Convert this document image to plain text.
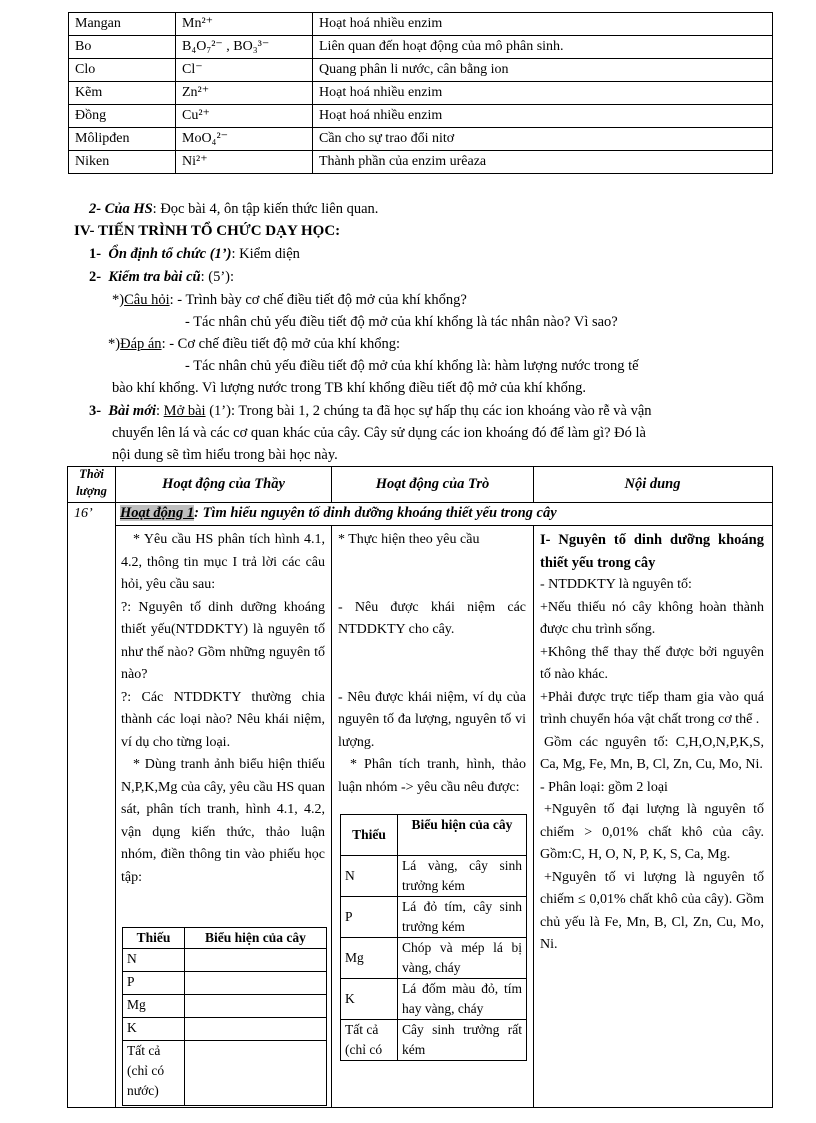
Mangan	Mn²⁺	Hoạt hoá nhiều enzim
Bo	B₄O₇²⁻ , BO₃³⁻	Liên quan đến hoạt động của mô phân sinh.
Clo	Cl⁻	Quang phân li nước, cân bằng ion
Kẽm	Zn²⁺	Hoạt hoá nhiều enzim
Đồng	Cu²⁺	Hoạt hoá nhiều enzim
Môlipđen	MoO₄²⁻	Cần cho sự trao đổi nitơ
Niken	Ni²⁺	Thành phần của enzim urêaza
2- Của HS: Đọc bài 4, ôn tập kiến thức liên quan.
IV- TIẾN TRÌNH TỔ CHỨC DẠY HỌC:
1- Ổn định tổ chức (1’): Kiểm diện
2- Kiểm tra bài cũ: (5’):
*)Câu hỏi: - Trình bày cơ chế điều tiết độ mở của khí khổng?
- Tác nhân chủ yếu điều tiết độ mở của khí khổng là tác nhân nào? Vì sao?
*)Đáp án: - Cơ chế điều tiết độ mở của khí khổng:
- Tác nhân chủ yếu điều tiết độ mở của khí khổng là: hàm lượng nước trong tế
bào khí khổng. Vì lượng nước trong TB khí khổng điều tiết độ mở của khí khổng.
3- Bài mới: Mở bài (1’): Trong bài 1, 2 chúng ta đã học sự hấp thụ các ion khoáng vào rễ và vận
chuyển lên lá và các cơ quan khác của cây. Cây sử dụng các ion khoáng đó để làm gì? Đó là
nội dung sẽ tìm hiểu trong bài học này.
Thời lượng	Hoạt động của Thầy	Hoạt động của Trò	Nội dung
16’ Hoạt động 1: Tìm hiểu nguyên tố dinh dưỡng khoáng thiết yếu trong cây

* Yêu cầu HS phân tích hình 4.1, 4.2, thông tin mục I trả lời các câu hỏi, yêu cầu sau:

?: Nguyên tố dinh dưỡng khoáng thiết yếu(NTDDKTY) là nguyên tố như thế nào? Gồm những nguyên tố nào?

?: Các NTDDKTY thường chia thành các loại nào? Nêu khái niệm, ví dụ cho từng loại.

* Dùng tranh ảnh biểu hiện thiếu N,P,K,Mg của cây, yêu cầu HS quan sát, phân tích tranh, hình 4.1, 4.2, vận dụng kiến thức, thảo luận nhóm, điền thông tin vào phiếu học tập:

Thiếu	Biểu hiện của cây
N	
P	
Mg	
K	
Tất cả (chỉ có nước)	

* Thực hiện theo yêu cầu

- Nêu được khái niệm các NTDDKTY cho cây.

- Nêu được khái niệm, ví dụ của nguyên tố đa lượng, nguyên tố vi lượng.

* Phân tích tranh, hình, thảo luận nhóm -> yêu cầu nêu được:

Thiếu	Biểu hiện của cây
N	Lá vàng, cây sinh trưởng kém
P	Lá đỏ tím, cây sinh trưởng kém
Mg	Chóp và mép lá bị vàng, cháy
K	Lá đốm màu đỏ, tím hay vàng, cháy
Tất cả (chỉ có	Cây sinh trưởng rất kém

I- Nguyên tố dinh dưỡng khoáng thiết yếu trong cây

- NTDDKTY là nguyên tố:

+Nếu thiếu nó cây không hoàn thành được chu trình sống.

+Không thể thay thế được bởi nguyên tố nào khác.

+Phải được trực tiếp tham gia vào quá trình chuyển hóa vật chất trong cơ thể .

Gồm các nguyên tố: C,H,O,N,P,K,S, Ca, Mg, Fe, Mn, B, Cl, Zn, Cu, Mo, Ni.

- Phân loại: gồm 2 loại

+Nguyên tố đại lượng là nguyên tố chiếm > 0,01% chất khô của cây. Gồm:C, H, O, N, P, K, S, Ca, Mg.

+Nguyên tố vi lượng là nguyên tố chiếm ≤ 0,01% chất khô của cây). Gồm chủ yếu là Fe, Mn, B, Cl, Zn, Cu, Mo, Ni.
